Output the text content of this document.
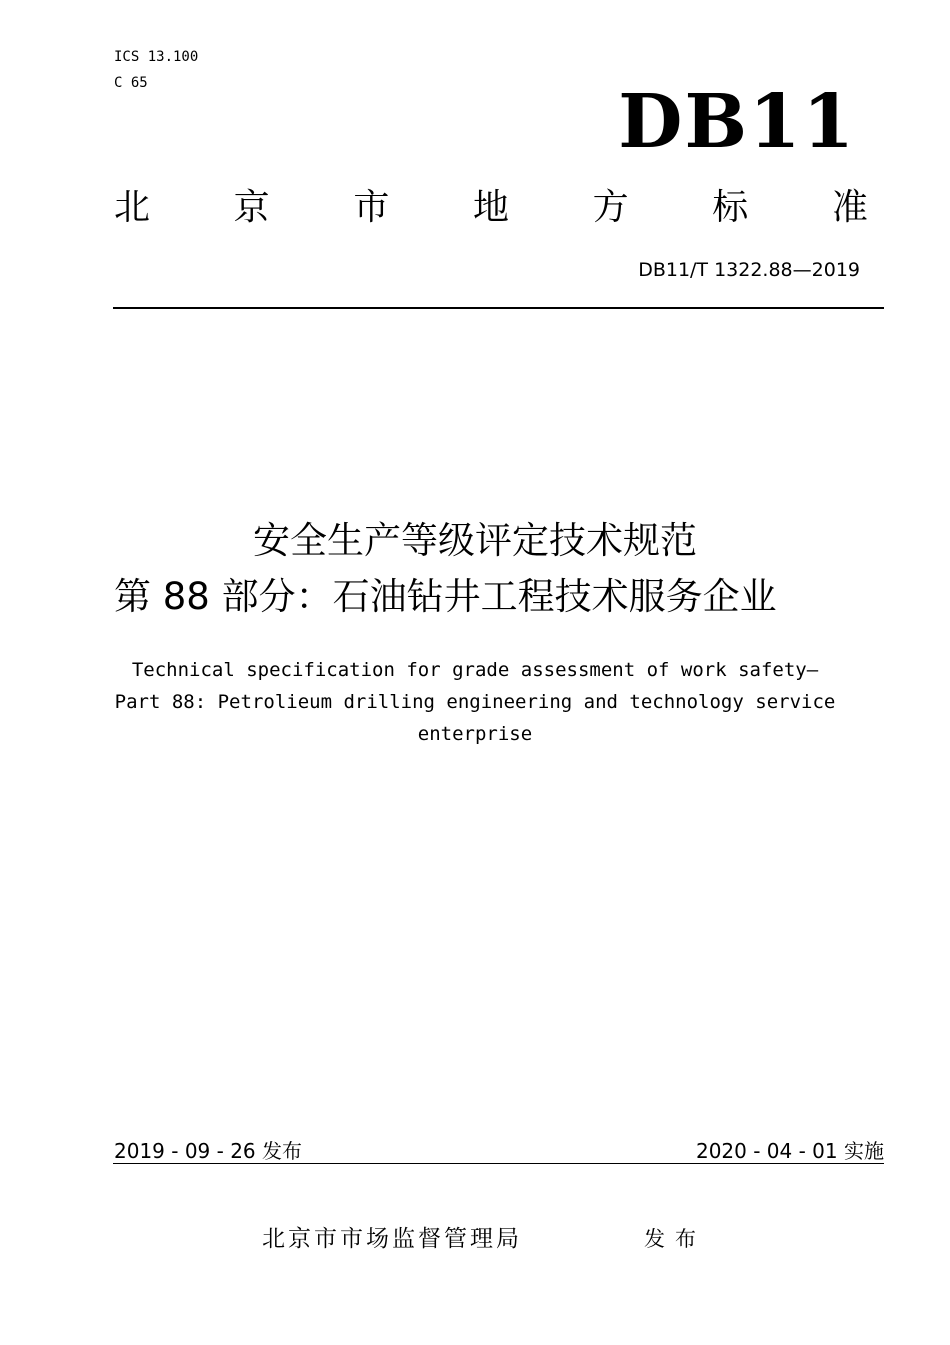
ICS 13.100
C 65	DB11
北 京 市 地 方 标 准
DB11/T 1322.88—2019
安全生产等级评定技术规范
第 88 部分：石油钻井工程技术服务企业
Technical specification for grade assessment of work safety—
Part 88: Petrolieum drilling engineering and technology service
enterprise
2019 - 09 - 26 发布	2020 - 04 - 01 实施
北京市市场监督管理局	发布
